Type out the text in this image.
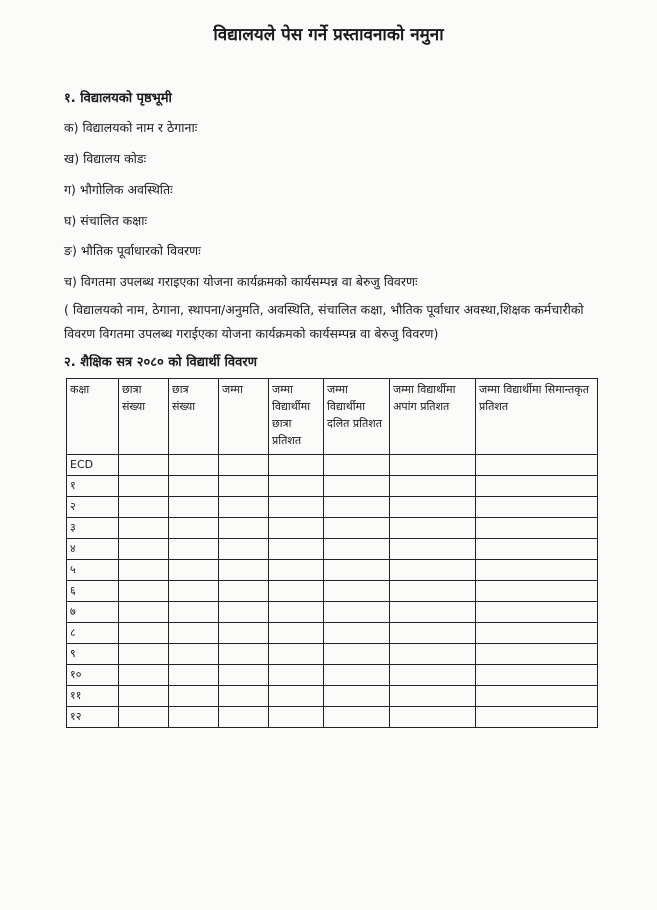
विद्यालयले पेस गर्ने प्रस्तावनाको नमुना
१. विद्यालयको पृष्ठभूमी
क) विद्यालयको नाम र ठेगानाः
ख) विद्यालय कोडः
ग) भौगोलिक अवस्थितिः
घ) संचालित कक्षाः
ङ) भौतिक पूर्वाधारको विवरणः
च) विगतमा उपलब्ध गराइएका योजना कार्यक्रमको कार्यसम्पन्न वा बेरुजु विवरणः
( विद्यालयको नाम, ठेगाना, स्थापना/अनुमति, अवस्थिति, संचालित कक्षा, भौतिक पूर्वाधार अवस्था,शिक्षक कर्मचारीको विवरण विगतमा उपलब्ध गराईएका योजना कार्यक्रमको कार्यसम्पन्न वा बेरुजु विवरण)
२. शैक्षिक सत्र २०८० को विद्यार्थी विवरण
कक्षा	छात्रा संख्या	छात्र संख्या	जम्मा	जम्मा विद्यार्थीमा छात्रा प्रतिशत	जम्मा विद्यार्थीमा दलित प्रतिशत	जम्मा विद्यार्थीमा अपांग प्रतिशत	जम्मा विद्यार्थीमा सिमान्तकृत प्रतिशत
ECD							
१							
२							
३							
४							
५							
६							
७							
८							
९							
१०							
११							
१२							
